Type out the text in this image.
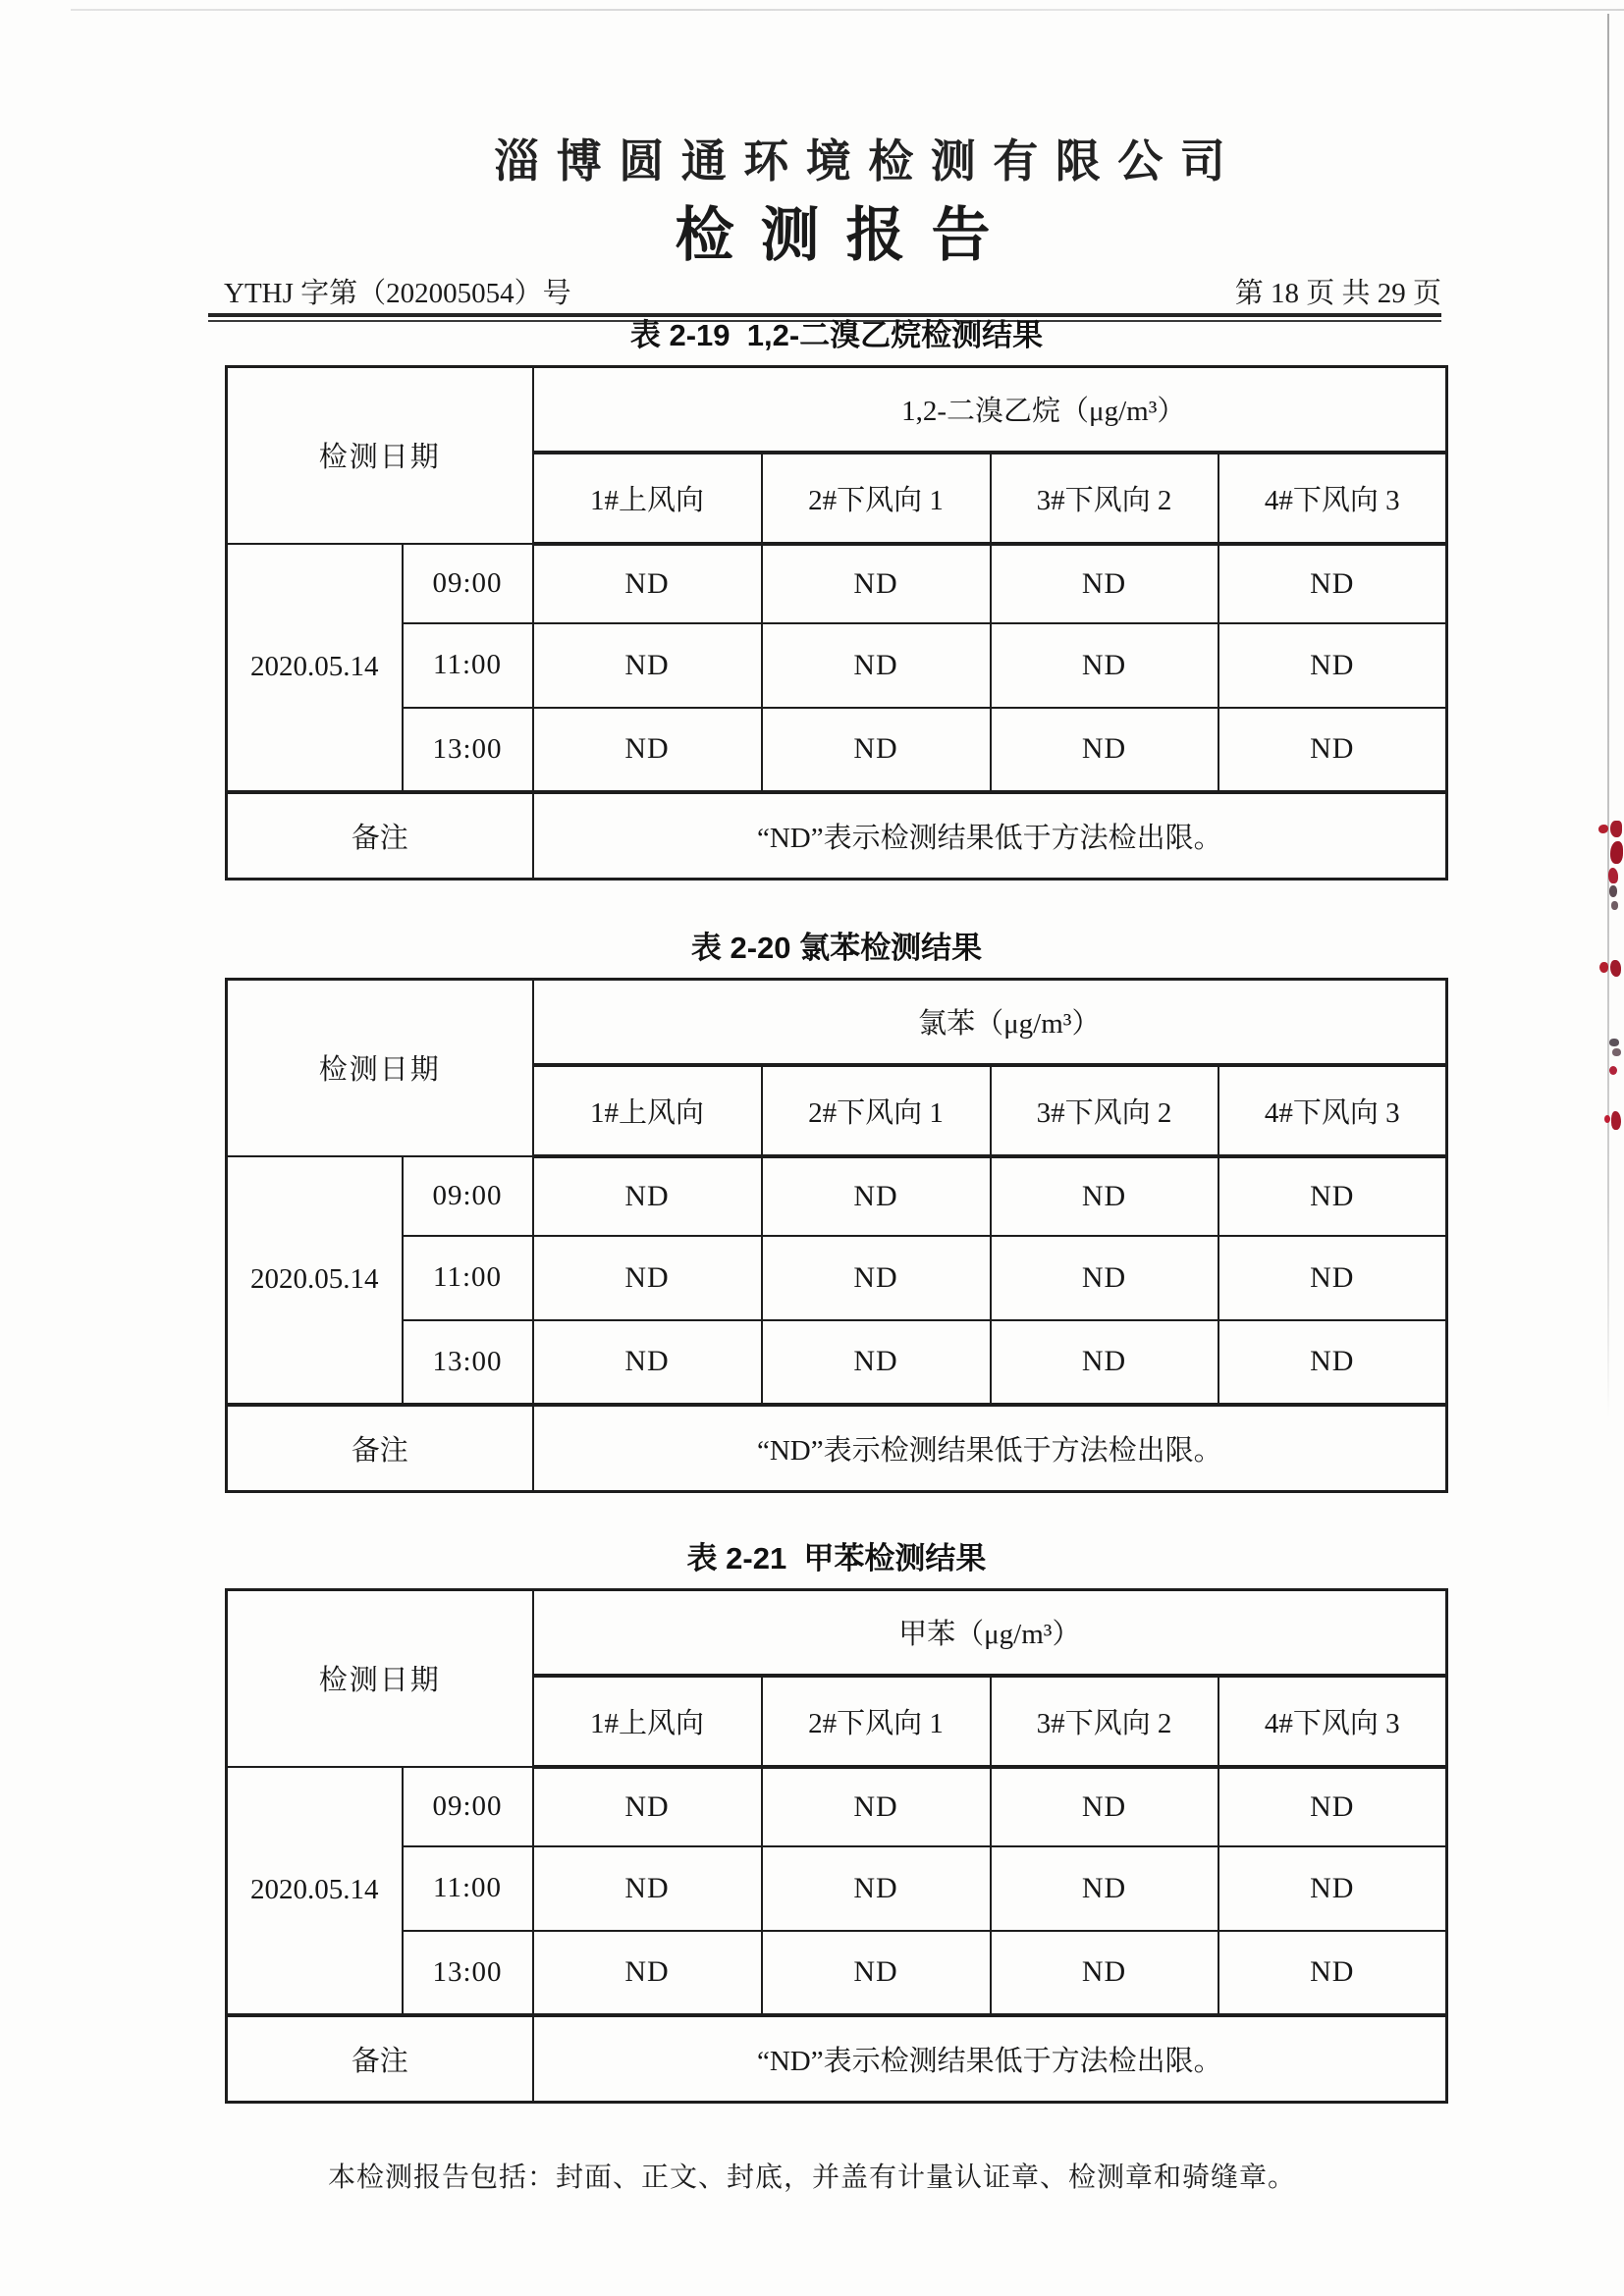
淄 博 圆 通 环 境 检 测 有 限 公 司
检 测 报 告
YTHJ 字第（202005054）号	第 18 页 共 29 页
表 2-19  1,2-二溴乙烷检测结果
检测日期		1,2-二溴乙烷（μg/m³）			
		1#上风向	2#下风向 1	3#下风向 2	4#下风向 3
2020.05.14	09:00	ND	ND	ND	ND
	11:00	ND	ND	ND	ND
	13:00	ND	ND	ND	ND
备注		“ND”表示检测结果低于方法检出限。			
表 2-20 氯苯检测结果
检测日期		氯苯（μg/m³）			
		1#上风向	2#下风向 1	3#下风向 2	4#下风向 3
2020.05.14	09:00	ND	ND	ND	ND
	11:00	ND	ND	ND	ND
	13:00	ND	ND	ND	ND
备注		“ND”表示检测结果低于方法检出限。			
表 2-21  甲苯检测结果
检测日期		甲苯（μg/m³）			
		1#上风向	2#下风向 1	3#下风向 2	4#下风向 3
2020.05.14	09:00	ND	ND	ND	ND
	11:00	ND	ND	ND	ND
	13:00	ND	ND	ND	ND
备注		“ND”表示检测结果低于方法检出限。			
本检测报告包括：封面、正文、封底，并盖有计量认证章、检测章和骑缝章。
